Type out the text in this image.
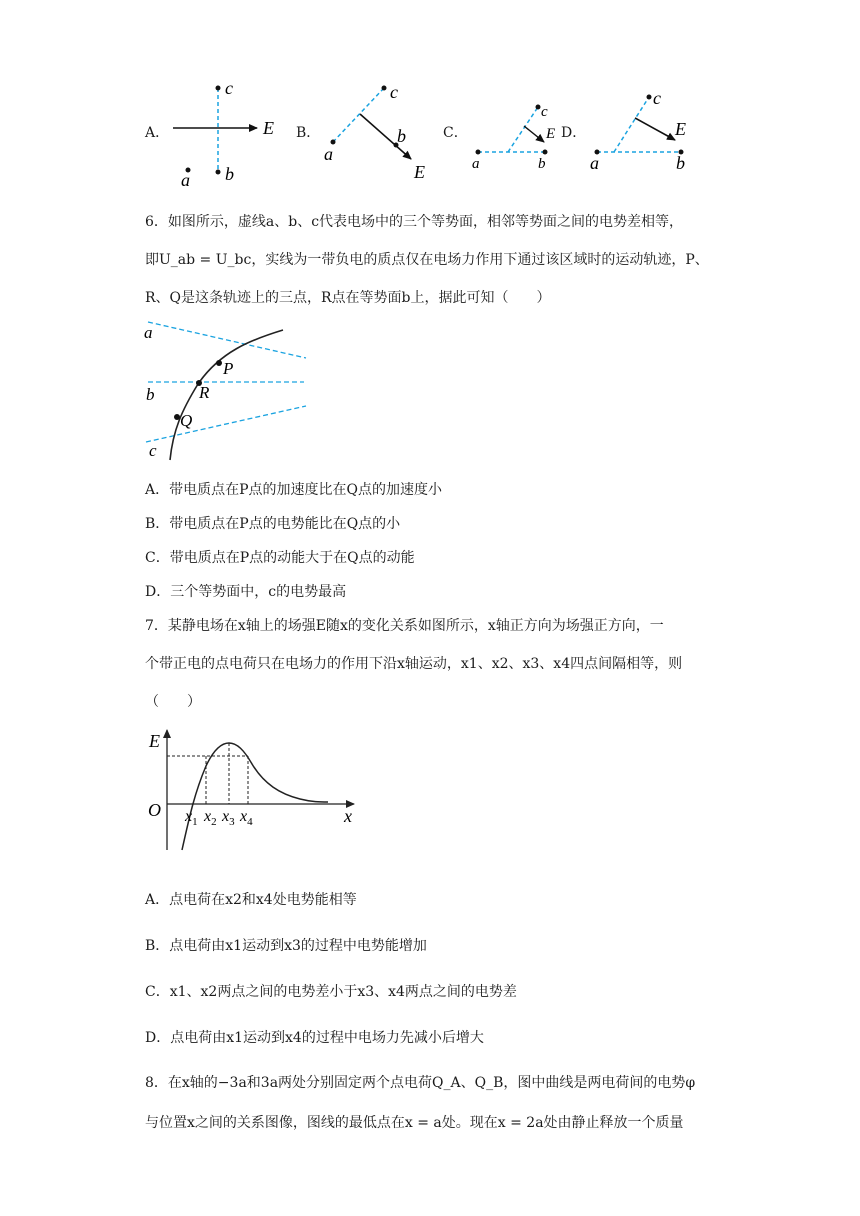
A．
c
b
a
E B．
c
a
b
E
C．
c
E
a	b
D．
c
E
a	b
6．如图所示，虚线a、b、c代表电场中的三个等势面，相邻等势面之间的电势差相等，
即U_ab = U_bc，实线为一带负电的质点仅在电场力作用下通过该区域时的运动轨迹，P、
R、Q是这条轨迹上的三点，R点在等势面b上，据此可知（　　）
a
b
c
P
R
Q
A．带电质点在P点的加速度比在Q点的加速度小
B．带电质点在P点的电势能比在Q点的小
C．带电质点在P点的动能大于在Q点的动能
D．三个等势面中，c的电势最高
7．某静电场在x轴上的场强E随x的变化关系如图所示，x轴正方向为场强正方向，一
个带正电的点电荷只在电场力的作用下沿x轴运动，x1、x2、x3、x4四点间隔相等，则
（　　）
E
O	x
$x_1$ $x_2$ $x_3$ $x_4$
A．点电荷在x2和x4处电势能相等
B．点电荷由x1运动到x3的过程中电势能增加
C．x1、x2两点之间的电势差小于x3、x4两点之间的电势差
D．点电荷由x1运动到x4的过程中电场力先减小后增大
8．在x轴的−3a和3a两处分别固定两个点电荷Q_A、Q_B，图中曲线是两电荷间的电势φ
与位置x之间的关系图像，图线的最低点在x = a处。现在x = 2a处由静止释放一个质量
